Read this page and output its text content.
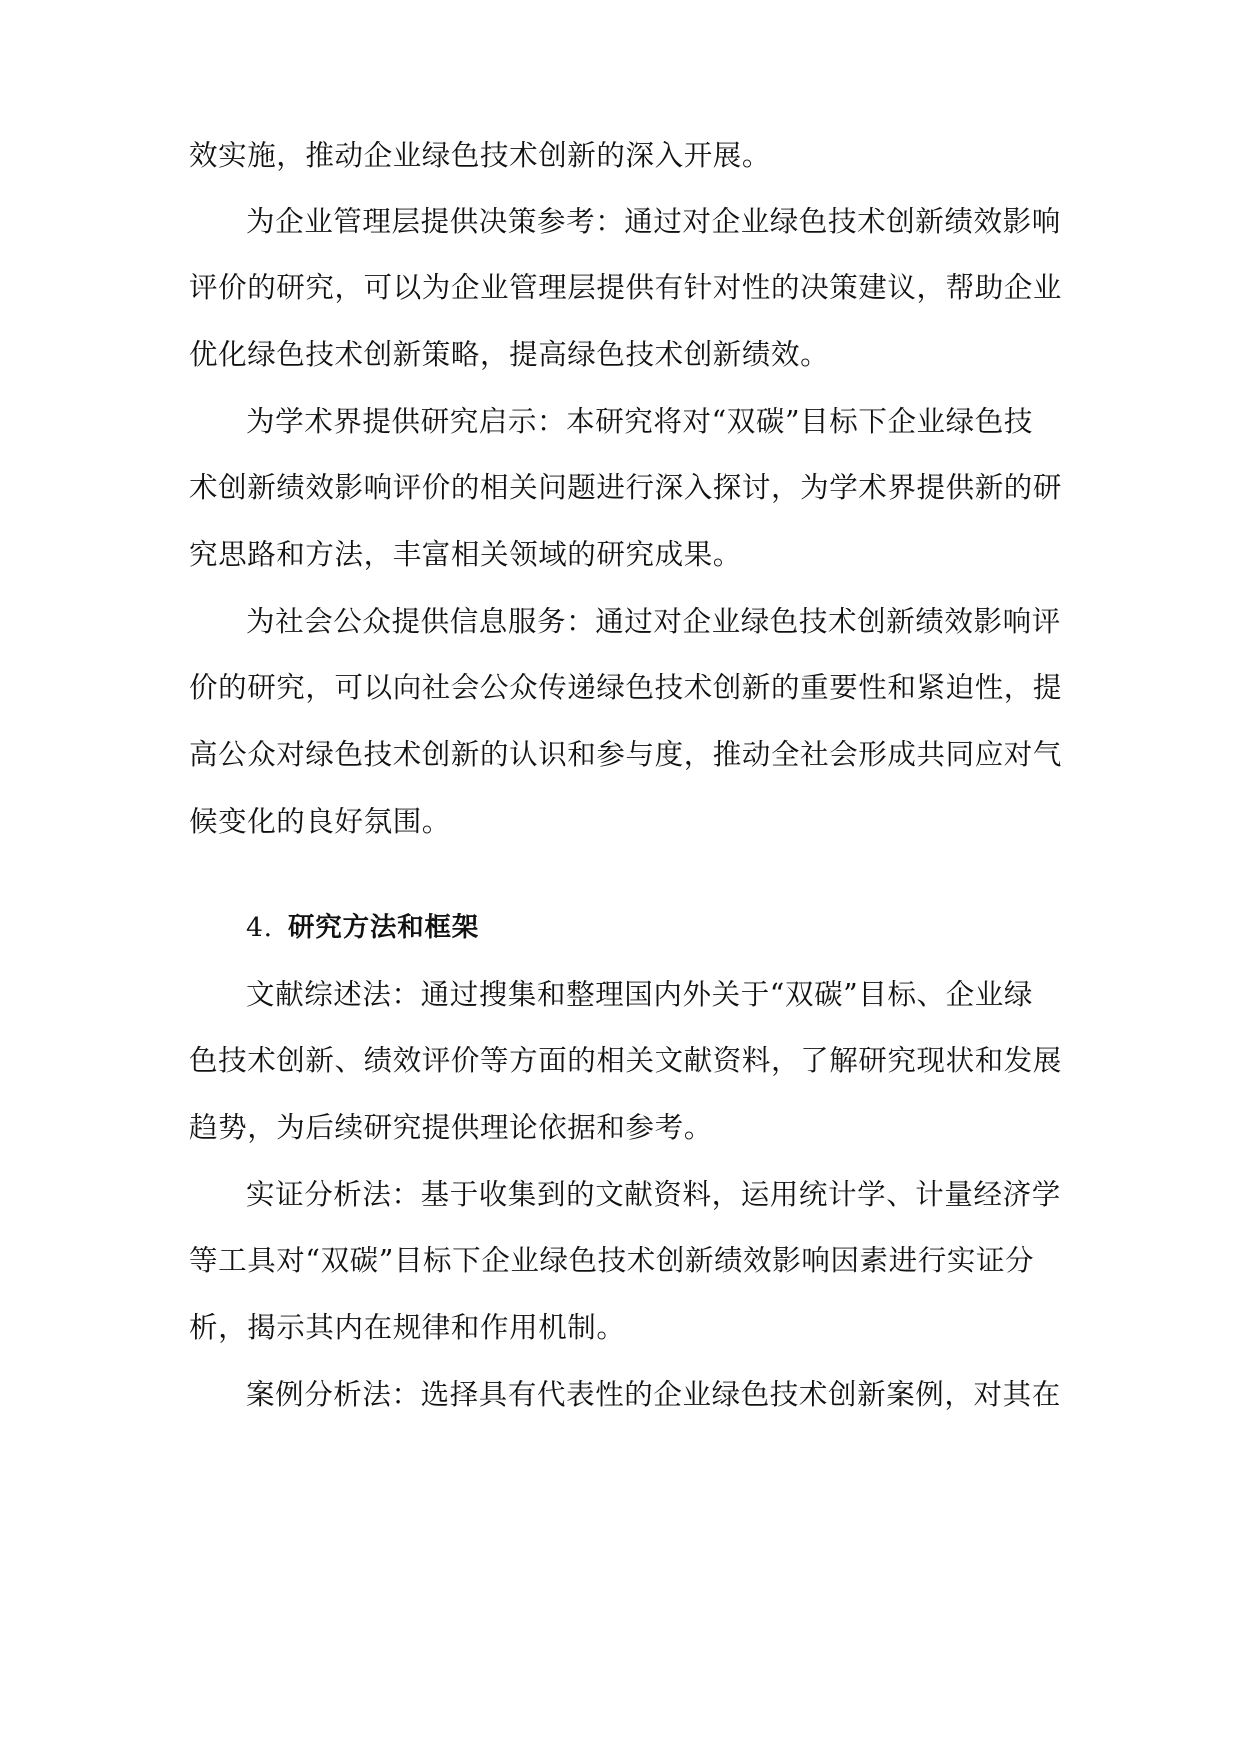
效实施，推动企业绿色技术创新的深入开展。
为企业管理层提供决策参考：通过对企业绿色技术创新绩效影响
评价的研究，可以为企业管理层提供有针对性的决策建议，帮助企业
优化绿色技术创新策略，提高绿色技术创新绩效。
为学术界提供研究启示：本研究将对“双碳”目标下企业绿色技
术创新绩效影响评价的相关问题进行深入探讨，为学术界提供新的研
究思路和方法，丰富相关领域的研究成果。
为社会公众提供信息服务：通过对企业绿色技术创新绩效影响评
价的研究，可以向社会公众传递绿色技术创新的重要性和紧迫性，提
高公众对绿色技术创新的认识和参与度，推动全社会形成共同应对气
候变化的良好氛围。
4. 研究方法和框架
文献综述法：通过搜集和整理国内外关于“双碳”目标、企业绿
色技术创新、绩效评价等方面的相关文献资料，了解研究现状和发展
趋势，为后续研究提供理论依据和参考。
实证分析法：基于收集到的文献资料，运用统计学、计量经济学
等工具对“双碳”目标下企业绿色技术创新绩效影响因素进行实证分
析，揭示其内在规律和作用机制。
案例分析法：选择具有代表性的企业绿色技术创新案例，对其在
